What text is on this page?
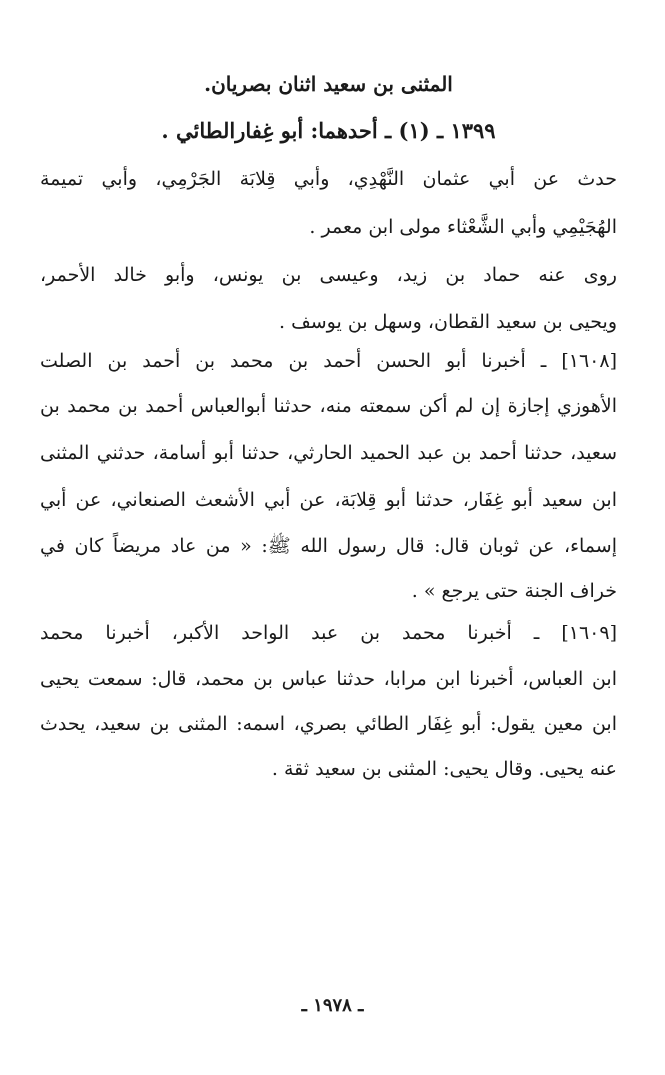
المثنى بن سعيد اثنان بصريان.
١٣٩٩ ـ (١) ـ أحدهما: أبو غِفارالطائي .
حدث عن أبي عثمان النَّهْدِي، وأبي قِلابَة الجَرْمِي، وأبي تميمة
الهُجَيْمِي وأبي الشَّعْثاء مولى ابن معمر .
روى عنه حماد بن زيد، وعيسى بن يونس، وأبو خالد الأحمر،
ويحيى بن سعيد القطان، وسهل بن يوسف .
[١٦٠٨] ـ أخبرنا أبو الحسن أحمد بن محمد بن أحمد بن الصلت
الأهوزي إجازة إن لم أكن سمعته منه، حدثنا أبوالعباس أحمد بن محمد بن
سعيد، حدثنا أحمد بن عبد الحميد الحارثي، حدثنا أبو أسامة، حدثني المثنى
ابن سعيد أبو غِفَار، حدثنا أبو قِلابَة، عن أبي الأشعث الصنعاني، عن أبي
إسماء، عن ثوبان قال: قال رسول الله ﷺ: « من عاد مريضاً كان في
خراف الجنة حتى يرجع » .
[١٦٠٩] ـ أخبرنا محمد بن عبد الواحد الأكبر، أخبرنا محمد
ابن العباس، أخبرنا ابن مرابا، حدثنا عباس بن محمد، قال: سمعت يحيى
ابن معين يقول: أبو غِفَار الطائي بصري، اسمه: المثنى بن سعيد، يحدث
عنه يحيى. وقال يحيى: المثنى بن سعيد ثقة .
ـ ١٩٧٨ ـ
